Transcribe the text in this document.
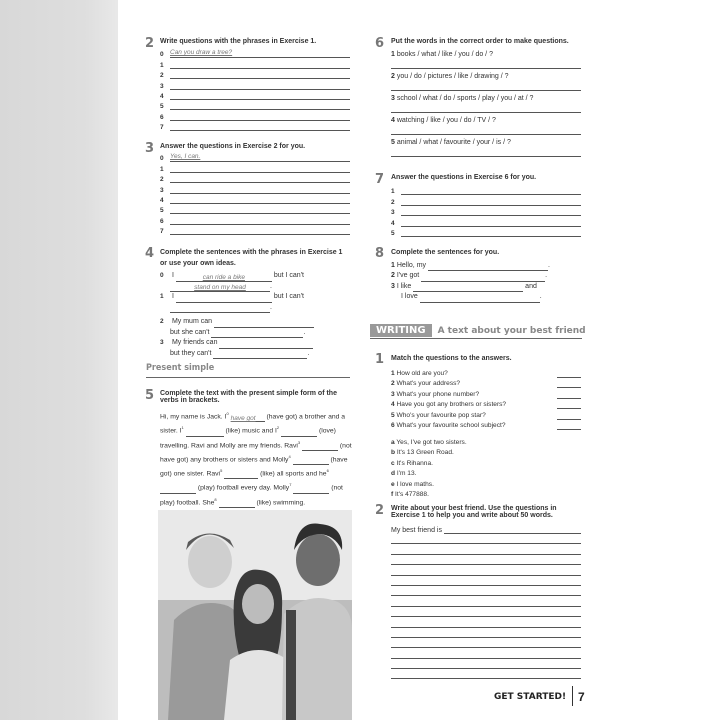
2 Write questions with the phrases in Exercise 1.
0 Can you draw a tree?
1
2
3
4
5
6
7
3 Answer the questions in Exercise 2 for you.
0 Yes, I can.
1
2
3
4
5
6
7
4 Complete the sentences with the phrases in Exercise 1 or use your own ideas.
0 I	can ride a bike	but I can't
stand on my head	.
1 I	but I can't
.
2 My mum can
but she can't	.
3 My friends can
but they can't	.
Present simple
5 Complete the text with the present simple form of the verbs in brackets.
Hi, my name is Jack. $I^0$ have got (have got) a brother and a sister. $I^1$	(like) music and $I^2$	(love) travelling. Ravi and Molly are my friends. Ravi$^3$	(not have got) any brothers or sisters and Molly$^4$	(have got) one sister. Ravi$^5$	(like) all sports and $he^6$  (play) football every day. Molly$^7$	(not play) football. She$^8$	(like) swimming.
6 Put the words in the correct order to make questions.
1 books / what / like / you / do / ?
2 you / do / pictures / like / drawing / ?
3 school / what / do / sports / play / you / at / ?
4 watching / like / you / do / TV / ?
5 animal / what / favourite / your / is / ?
7 Answer the questions in Exercise 6 for you.
1
2
3
4
5
8 Complete the sentences for you.
1 Hello, my	.
2 I've got	.
3 I like	and
I love	.
WRITING A text about your best friend
1 Match the questions to the answers.
1 How old are you?
2 What's your address?
3 What's your phone number?
4 Have you got any brothers or sisters?
5 Who's your favourite pop star?
6 What's your favourite school subject?
a Yes, I've got two sisters.
b It's 13 Green Road.
c It's Rihanna.
d I'm 13.
e I love maths.
f It's 477888.
2 Write about your best friend. Use the questions in Exercise 1 to help you and write about 50 words.
My best friend is
GET STARTED! 7
